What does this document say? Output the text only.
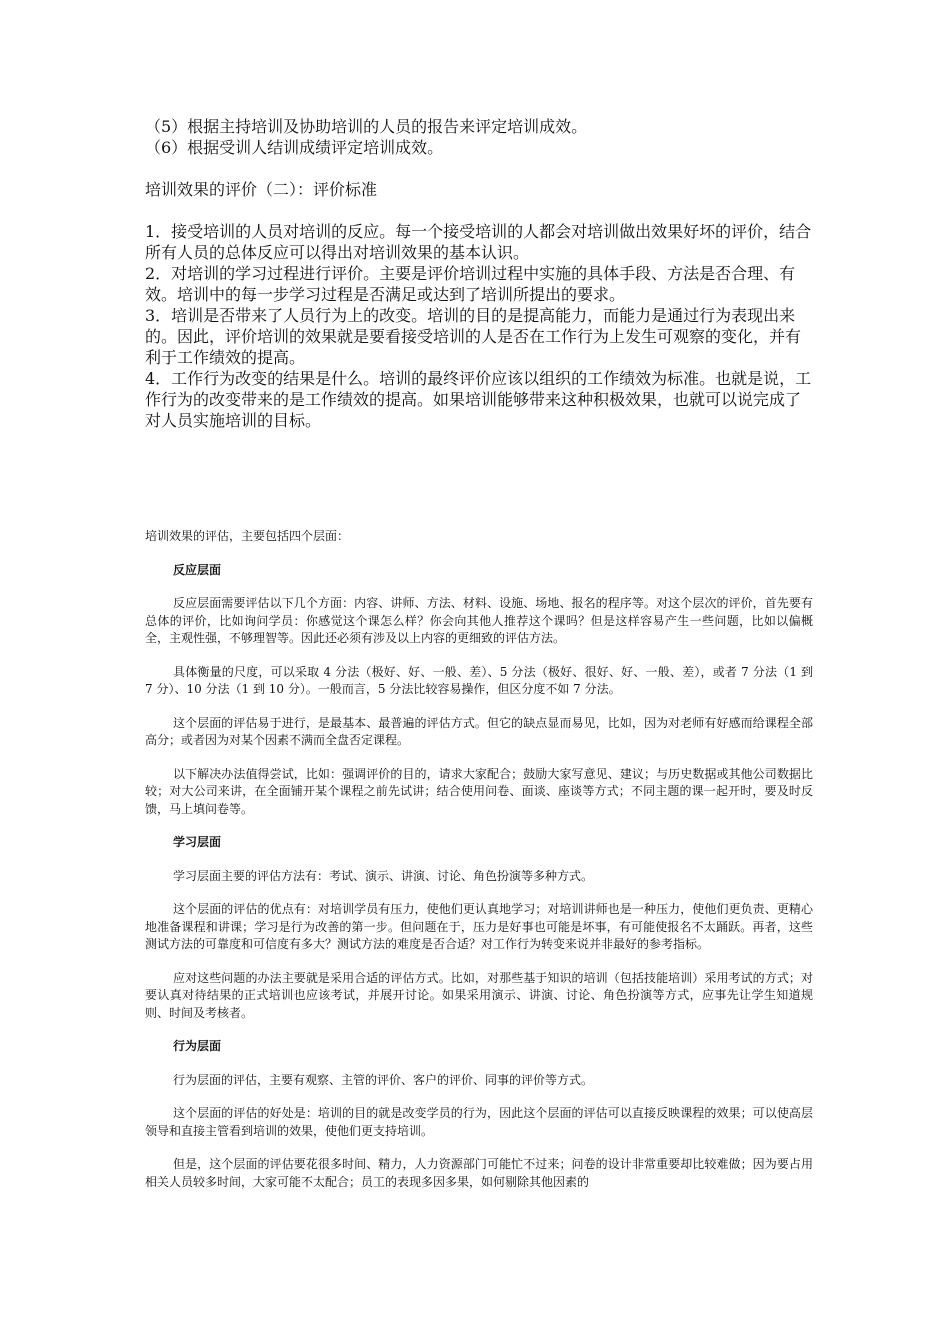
（5）根据主持培训及协助培训的人员的报告来评定培训成效。

（6）根据受训人结训成绩评定培训成效。

培训效果的评价（二）：评价标准

1．接受培训的人员对培训的反应。每一个接受培训的人都会对培训做出效果好坏的评价，结合所有人员的总体反应可以得出对培训效果的基本认识。

2．对培训的学习过程进行评价。主要是评价培训过程中实施的具体手段、方法是否合理、有效。培训中的每一步学习过程是否满足或达到了培训所提出的要求。

3．培训是否带来了人员行为上的改变。培训的目的是提高能力，而能力是通过行为表现出来的。因此，评价培训的效果就是要看接受培训的人是否在工作行为上发生可观察的变化，并有利于工作绩效的提高。

4．工作行为改变的结果是什么。培训的最终评价应该以组织的工作绩效为标准。也就是说，工作行为的改变带来的是工作绩效的提高。如果培训能够带来这种积极效果，也就可以说完成了对人员实施培训的目标。

培训效果的评估，主要包括四个层面：

反应层面

反应层面需要评估以下几个方面：内容、讲师、方法、材料、设施、场地、报名的程序等。对这个层次的评价，首先要有总体的评价，比如询问学员：你感觉这个课怎么样？你会向其他人推荐这个课吗？但是这样容易产生一些问题，比如以偏概全，主观性强，不够理智等。因此还必须有涉及以上内容的更细致的评估方法。

具体衡量的尺度，可以采取 4 分法（极好、好、一般、差）、5 分法（极好、很好、好、一般、差），或者 7 分法（1 到 7 分）、10 分法（1 到 10 分）。一般而言，5 分法比较容易操作，但区分度不如 7 分法。

这个层面的评估易于进行，是最基本、最普遍的评估方式。但它的缺点显而易见，比如，因为对老师有好感而给课程全部高分；或者因为对某个因素不满而全盘否定课程。

以下解决办法值得尝试，比如：强调评价的目的，请求大家配合；鼓励大家写意见、建议；与历史数据或其他公司数据比较；对大公司来讲，在全面铺开某个课程之前先试讲；结合使用问卷、面谈、座谈等方式；不同主题的课一起开时，要及时反馈，马上填问卷等。

学习层面

学习层面主要的评估方法有：考试、演示、讲演、讨论、角色扮演等多种方式。

这个层面的评估的优点有：对培训学员有压力，使他们更认真地学习；对培训讲师也是一种压力，使他们更负责、更精心地准备课程和讲课；学习是行为改善的第一步。但问题在于，压力是好事也可能是坏事，有可能使报名不太踊跃。再者，这些测试方法的可靠度和可信度有多大？测试方法的难度是否合适？对工作行为转变来说并非最好的参考指标。

应对这些问题的办法主要就是采用合适的评估方式。比如，对那些基于知识的培训（包括技能培训）采用考试的方式；对要认真对待结果的正式培训也应该考试，并展开讨论。如果采用演示、讲演、讨论、角色扮演等方式，应事先让学生知道规则、时间及考核者。

行为层面

行为层面的评估，主要有观察、主管的评价、客户的评价、同事的评价等方式。

这个层面的评估的好处是：培训的目的就是改变学员的行为，因此这个层面的评估可以直接反映课程的效果；可以使高层领导和直接主管看到培训的效果，使他们更支持培训。

但是，这个层面的评估要花很多时间、精力，人力资源部门可能忙不过来；问卷的设计非常重要却比较难做；因为要占用相关人员较多时间，大家可能不太配合；员工的表现多因多果，如何剔除其他因素的
